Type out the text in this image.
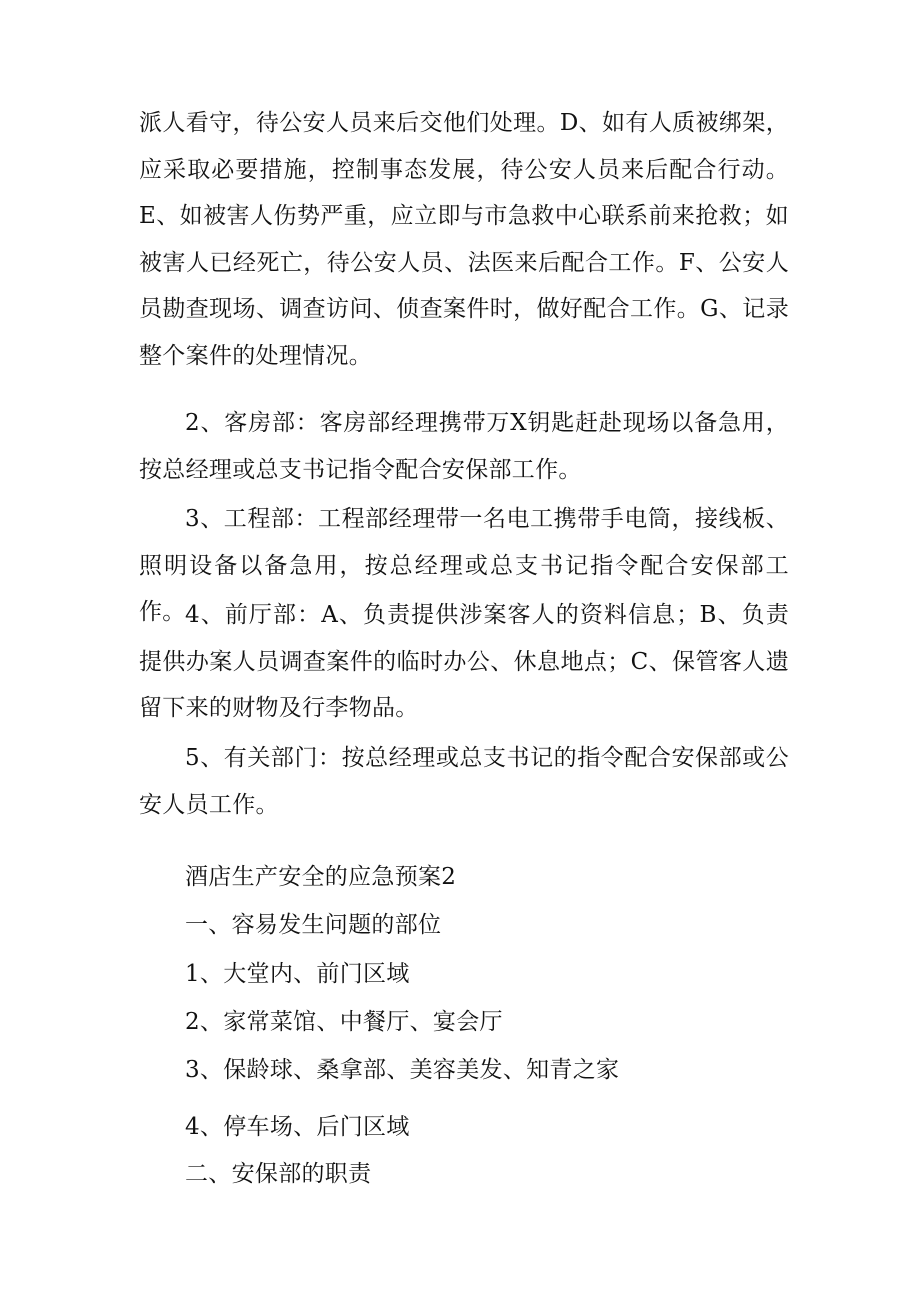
派人看守，待公安人员来后交他们处理。D、如有人质被绑架，应采取必要措施，控制事态发展，待公安人员来后配合行动。E、如被害人伤势严重，应立即与市急救中心联系前来抢救；如被害人已经死亡，待公安人员、法医来后配合工作。F、公安人员勘查现场、调查访问、侦查案件时，做好配合工作。G、记录整个案件的处理情况。

2、客房部：客房部经理携带万X钥匙赶赴现场以备急用，按总经理或总支书记指令配合安保部工作。

3、工程部：工程部经理带一名电工携带手电筒，接线板、照明设备以备急用，按总经理或总支书记指令配合安保部工作。 4、前厅部：A、负责提供涉案客人的资料信息；B、负责提供办案人员调查案件的临时办公、休息地点；C、保管客人遗留下来的财物及行李物品。

5、有关部门：按总经理或总支书记的指令配合安保部或公安人员工作。

酒店生产安全的应急预案2

一、容易发生问题的部位

1、大堂内、前门区域

2、家常菜馆、中餐厅、宴会厅

3、保龄球、桑拿部、美容美发、知青之家

4、停车场、后门区域

二、安保部的职责
